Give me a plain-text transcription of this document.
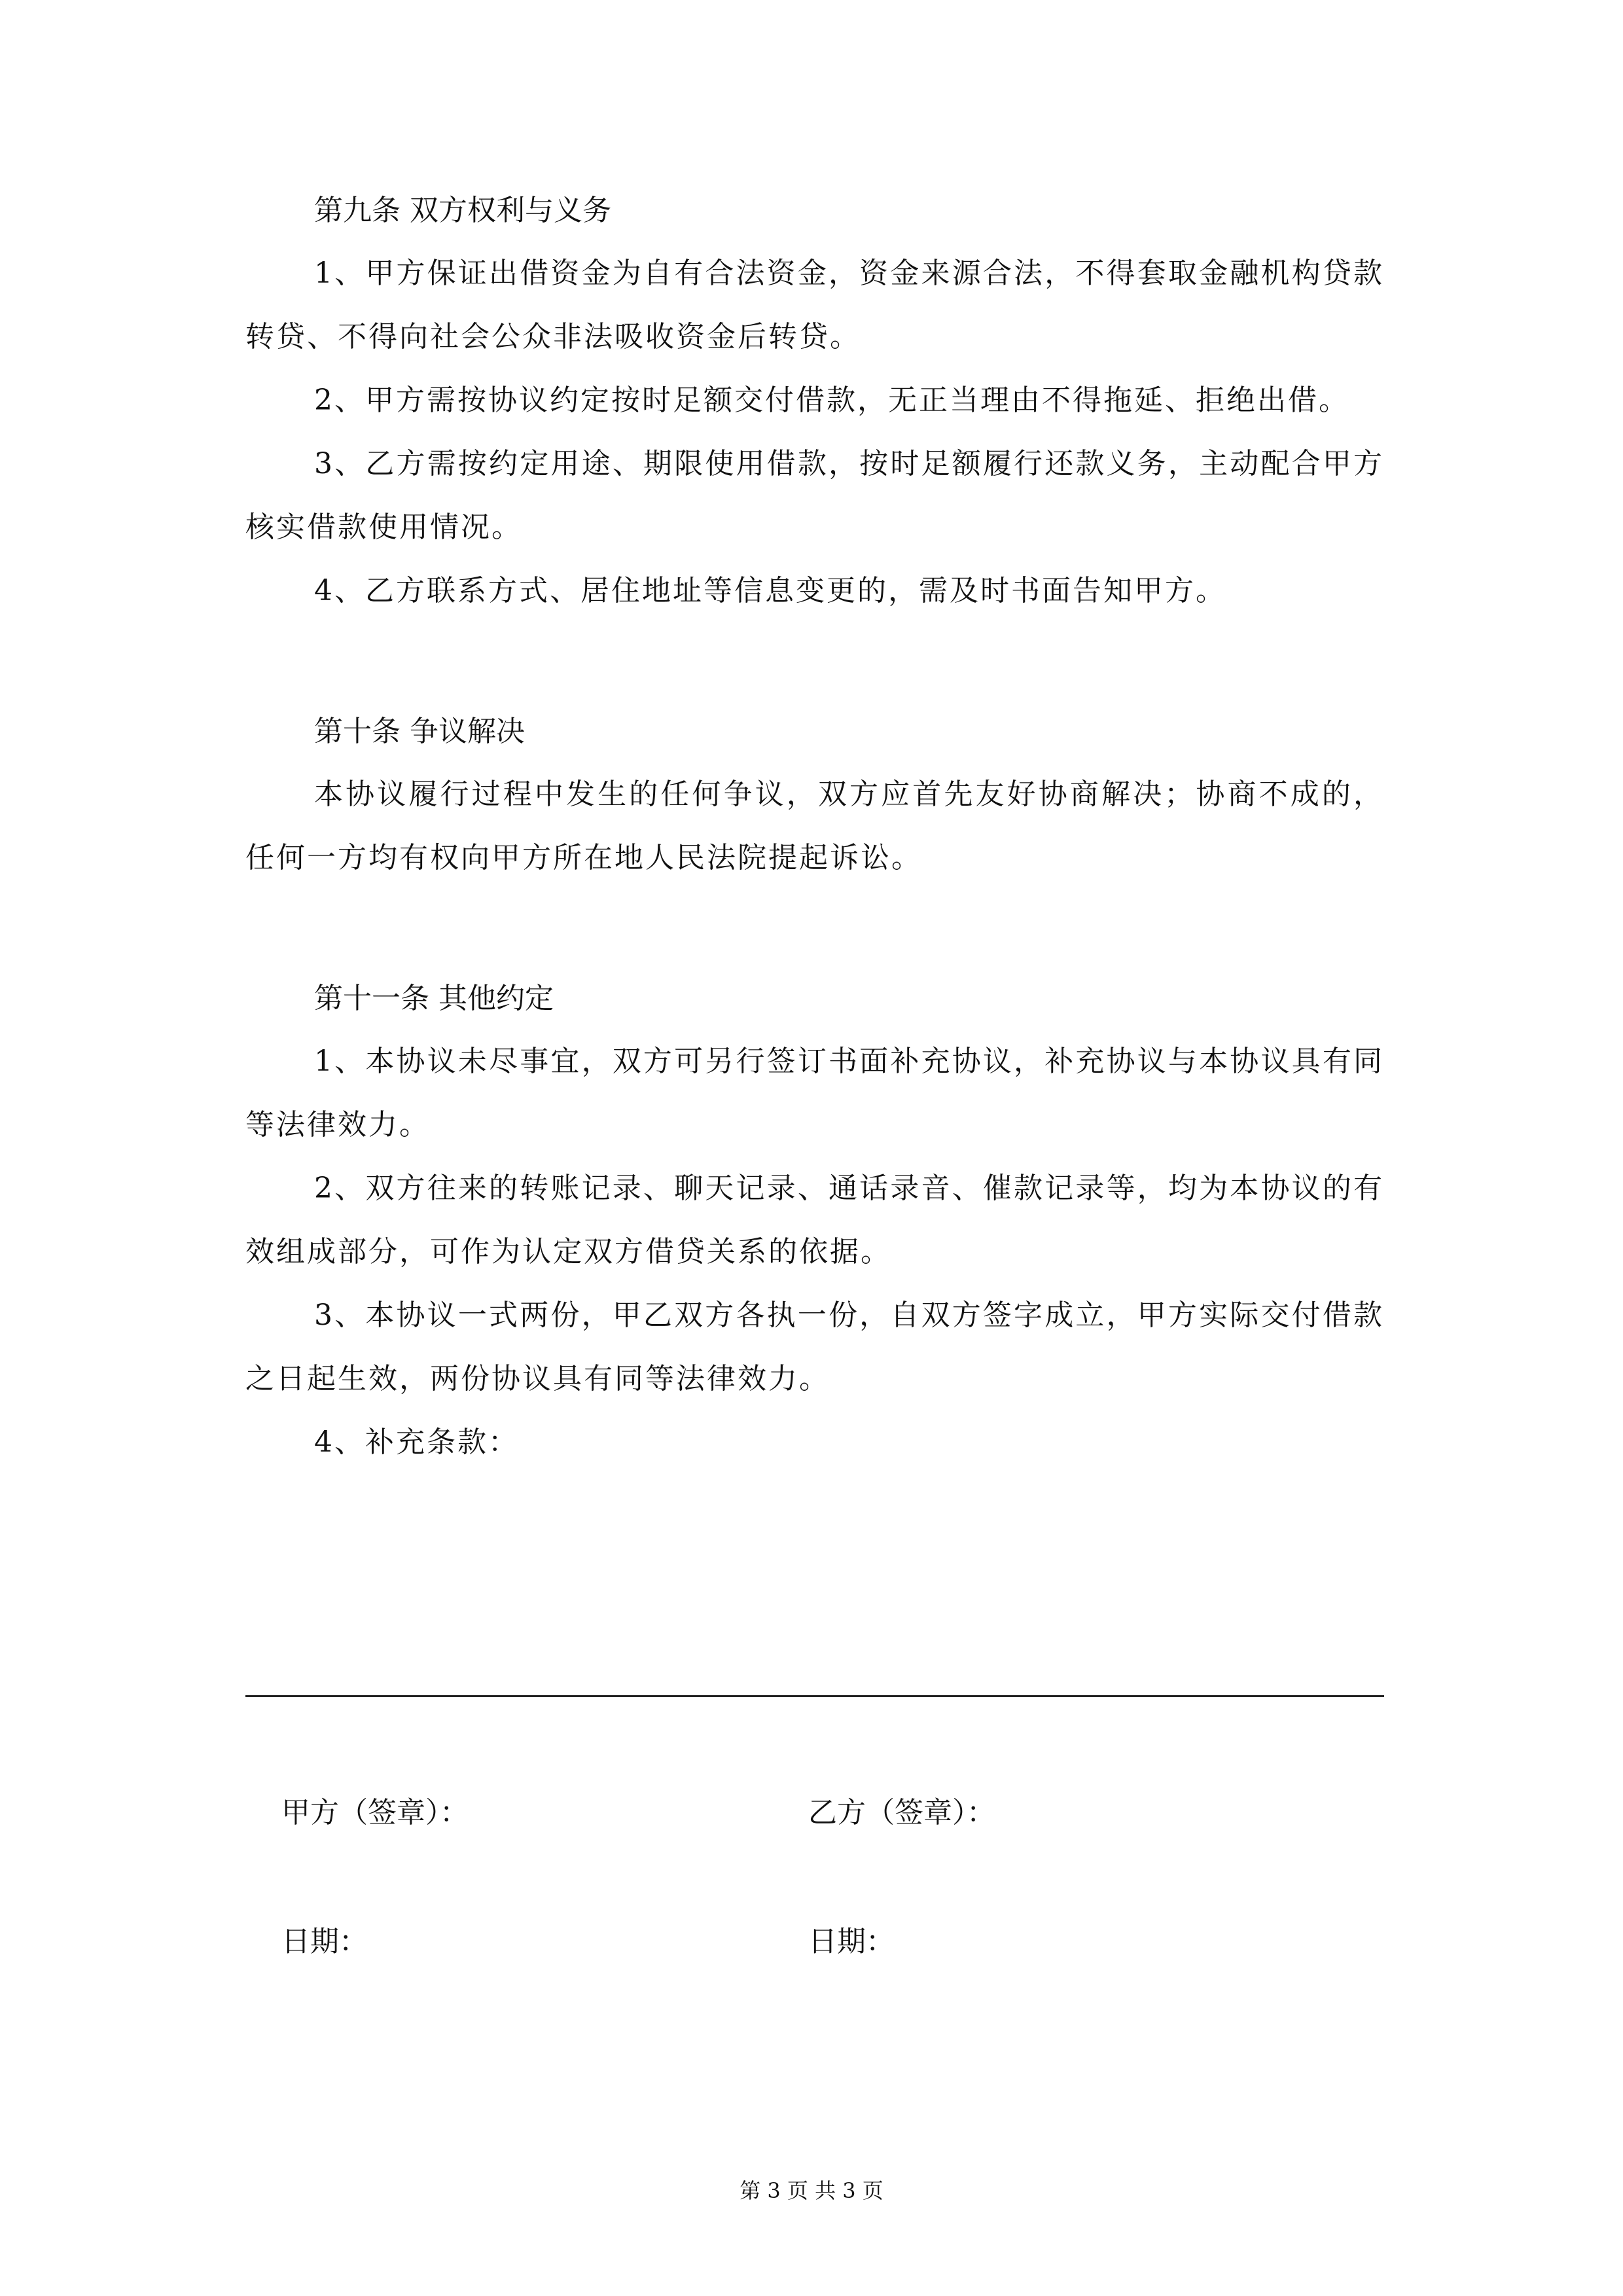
第九条 双方权利与义务

1、甲方保证出借资金为自有合法资金，资金来源合法，不得套取金融机构贷款转贷、不得向社会公众非法吸收资金后转贷。

2、甲方需按协议约定按时足额交付借款，无正当理由不得拖延、拒绝出借。

3、乙方需按约定用途、期限使用借款，按时足额履行还款义务，主动配合甲方核实借款使用情况。

4、乙方联系方式、居住地址等信息变更的，需及时书面告知甲方。

第十条 争议解决

本协议履行过程中发生的任何争议，双方应首先友好协商解决；协商不成的，任何一方均有权向甲方所在地人民法院提起诉讼。

第十一条 其他约定

1、本协议未尽事宜，双方可另行签订书面补充协议，补充协议与本协议具有同等法律效力。

2、双方往来的转账记录、聊天记录、通话录音、催款记录等，均为本协议的有效组成部分，可作为认定双方借贷关系的依据。

3、本协议一式两份，甲乙双方各执一份，自双方签字成立，甲方实际交付借款之日起生效，两份协议具有同等法律效力。

4、补充条款：

甲方（签章）：	乙方（签章）：
日期：	日期：
第 3 页 共 3 页
